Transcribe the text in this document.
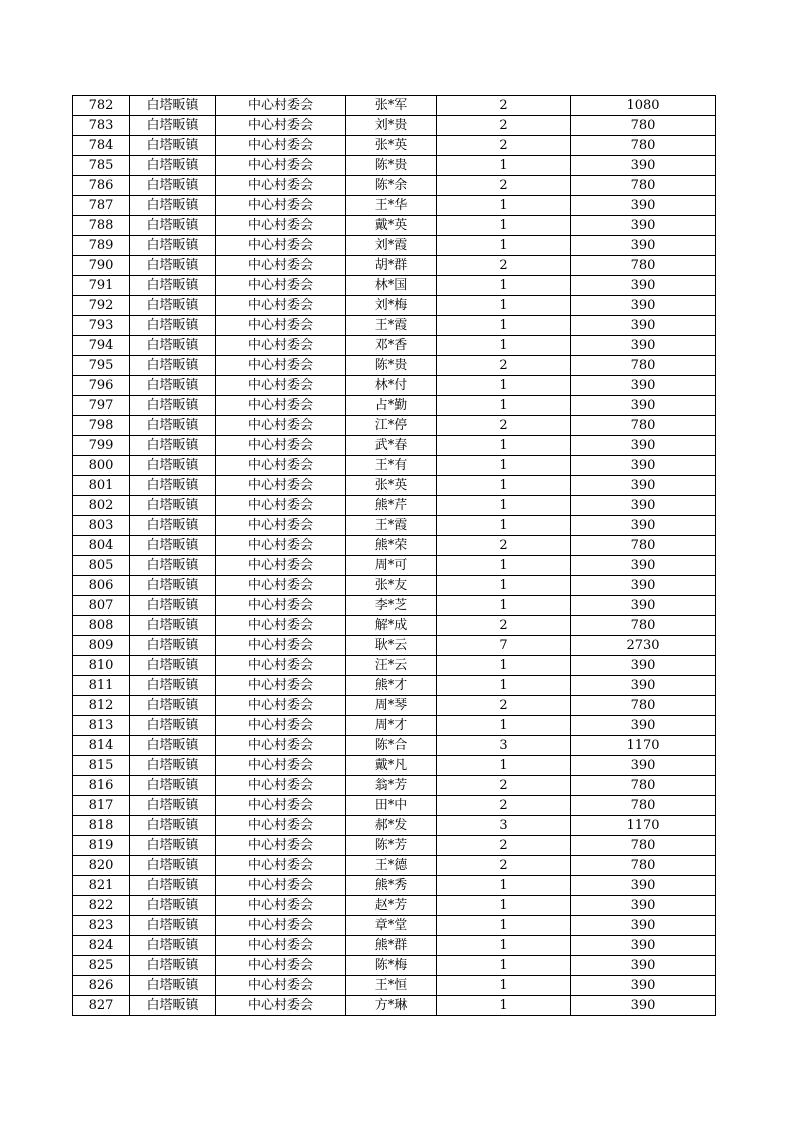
782	白塔畈镇	中心村委会	张*军	2	1080
783	白塔畈镇	中心村委会	刘*贵	2	780
784	白塔畈镇	中心村委会	张*英	2	780
785	白塔畈镇	中心村委会	陈*贵	1	390
786	白塔畈镇	中心村委会	陈*余	2	780
787	白塔畈镇	中心村委会	王*华	1	390
788	白塔畈镇	中心村委会	戴*英	1	390
789	白塔畈镇	中心村委会	刘*霞	1	390
790	白塔畈镇	中心村委会	胡*群	2	780
791	白塔畈镇	中心村委会	林*国	1	390
792	白塔畈镇	中心村委会	刘*梅	1	390
793	白塔畈镇	中心村委会	王*霞	1	390
794	白塔畈镇	中心村委会	邓*香	1	390
795	白塔畈镇	中心村委会	陈*贵	2	780
796	白塔畈镇	中心村委会	林*付	1	390
797	白塔畈镇	中心村委会	占*勤	1	390
798	白塔畈镇	中心村委会	江*停	2	780
799	白塔畈镇	中心村委会	武*春	1	390
800	白塔畈镇	中心村委会	王*有	1	390
801	白塔畈镇	中心村委会	张*英	1	390
802	白塔畈镇	中心村委会	熊*芹	1	390
803	白塔畈镇	中心村委会	王*霞	1	390
804	白塔畈镇	中心村委会	熊*荣	2	780
805	白塔畈镇	中心村委会	周*可	1	390
806	白塔畈镇	中心村委会	张*友	1	390
807	白塔畈镇	中心村委会	李*芝	1	390
808	白塔畈镇	中心村委会	解*成	2	780
809	白塔畈镇	中心村委会	耿*云	7	2730
810	白塔畈镇	中心村委会	汪*云	1	390
811	白塔畈镇	中心村委会	熊*才	1	390
812	白塔畈镇	中心村委会	周*琴	2	780
813	白塔畈镇	中心村委会	周*才	1	390
814	白塔畈镇	中心村委会	陈*合	3	1170
815	白塔畈镇	中心村委会	戴*凡	1	390
816	白塔畈镇	中心村委会	翁*芳	2	780
817	白塔畈镇	中心村委会	田*中	2	780
818	白塔畈镇	中心村委会	郝*发	3	1170
819	白塔畈镇	中心村委会	陈*芳	2	780
820	白塔畈镇	中心村委会	王*德	2	780
821	白塔畈镇	中心村委会	熊*秀	1	390
822	白塔畈镇	中心村委会	赵*芳	1	390
823	白塔畈镇	中心村委会	章*堂	1	390
824	白塔畈镇	中心村委会	熊*群	1	390
825	白塔畈镇	中心村委会	陈*梅	1	390
826	白塔畈镇	中心村委会	王*恒	1	390
827	白塔畈镇	中心村委会	方*琳	1	390
